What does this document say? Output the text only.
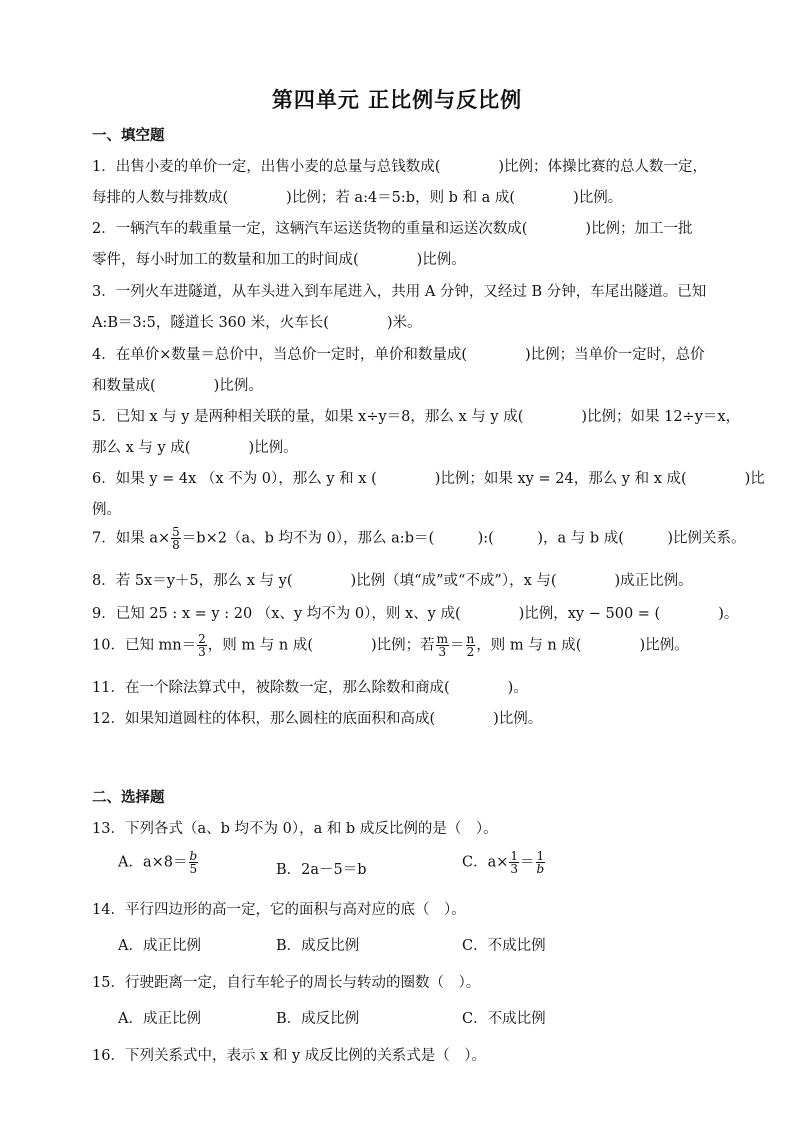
第四单元 正比例与反比例
一、填空题
1．出售小麦的单价一定，出售小麦的总量与总钱数成(　　　　)比例；体操比赛的总人数一定，
每排的人数与排数成(　　　　)比例；若 a:4＝5:b，则 b 和 a 成(　　　　)比例。
2．一辆汽车的载重量一定，这辆汽车运送货物的重量和运送次数成(　　　　)比例；加工一批
零件，每小时加工的数量和加工的时间成(　　　　)比例。
3．一列火车进隧道，从车头进入到车尾进入，共用 A 分钟，又经过 B 分钟，车尾出隧道。已知
A:B＝3:5，隧道长 360 米，火车长(　　　　)米。
4．在单价×数量＝总价中，当总价一定时，单价和数量成(　　　　)比例；当单价一定时，总价
和数量成(　　　　)比例。
5．已知 x 与 y 是两种相关联的量，如果 x÷y＝8，那么 x 与 y 成(　　　　)比例；如果 12÷y＝x，
那么 x 与 y 成(　　　　)比例。
6．如果 y = 4x （x 不为 0），那么 y 和 x (　　　　)比例；如果 xy = 24，那么 y 和 x 成(　　　　)比
例。
7．如果 $a\times \frac{5}{8} =b\times 2(a$、b 均不为 0），那么 a:b＝(　　　):(　　　)，a 与 b 成(　　　)比例关系。
8．若 5x＝y＋5，那么 x 与 y(　　　　)比例（填“成”或“不成”），x 与(　　　　)成正比例。
9．已知 25 : x = y : 20 （x、y 均不为 0），则 x、y 成(　　　　)比例，xy − 500 = (　　　　)。
10．已知 $mn= \frac{2}{3}$ ，则 m 与 n 成(　　　　)比例；若 $\frac{m}{3} = \frac{n}{2}$ ，则 m 与 n 成(　　　　)比例。
11．在一个除法算式中，被除数一定，那么除数和商成(　　　　)。
12．如果知道圆柱的体积，那么圆柱的底面积和高成(　　　　)比例。
二、选择题
13．下列各式（a、b 均不为 0），a 和 b 成反比例的是（　）。
A．$a\times 8= \frac{b}{5}$	B．2a－5＝b	C．$a\times \frac{1}{3} = \frac{1}{b}$
14．平行四边形的高一定，它的面积与高对应的底（　）。
A．成正比例	B．成反比例	C．不成比例
15．行驶距离一定，自行车轮子的周长与转动的圈数（　）。
A．成正比例	B．成反比例	C．不成比例
16．下列关系式中，表示 x 和 y 成反比例的关系式是（　）。
